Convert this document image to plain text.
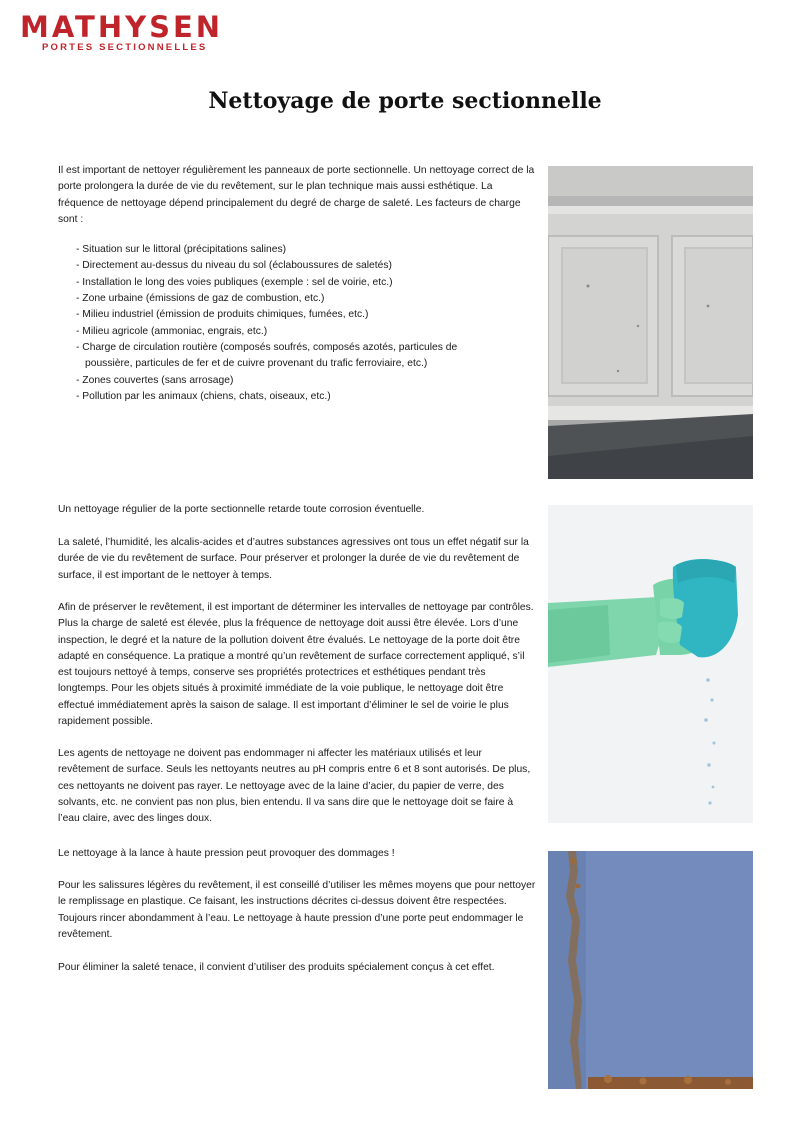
MATHYSEN
PORTES SECTIONNELLES
Nettoyage de porte sectionnelle

Il est important de nettoyer régulièrement les panneaux de porte sectionnelle. Un nettoyage correct de la porte prolongera la durée de vie du revêtement, sur le plan technique mais aussi esthétique. La fréquence de nettoyage dépend principalement du degré de charge de saleté. Les facteurs de charge sont :

- Situation sur le littoral (précipitations salines)
- Directement au-dessus du niveau du sol (éclaboussures de saletés)
- Installation le long des voies publiques (exemple : sel de voirie, etc.)
- Zone urbaine (émissions de gaz de combustion, etc.)
- Milieu industriel (émission de produits chimiques, fumées, etc.)
- Milieu agricole (ammoniac, engrais, etc.)
- Charge de circulation routière (composés soufrés, composés azotés, particules de poussière, particules de fer et de cuivre provenant du trafic ferroviaire, etc.)
- Zones couvertes (sans arrosage)
- Pollution par les animaux (chiens, chats, oiseaux, etc.)
Un nettoyage régulier de la porte sectionnelle retarde toute corrosion éventuelle.
La saleté, l’humidité, les alcalis-acides et d’autres substances agressives ont tous un effet négatif sur la durée de vie du revêtement de surface. Pour préserver et prolonger la durée de vie du revêtement de surface, il est important de le nettoyer à temps.
Afin de préserver le revêtement, il est important de déterminer les intervalles de nettoyage par contrôles. Plus la charge de saleté est élevée, plus la fréquence de nettoyage doit aussi être élevée. Lors d’une inspection, le degré et la nature de la pollution doivent être évalués. Le nettoyage de la porte doit être adapté en conséquence. La pratique a montré qu’un revêtement de surface correctement appliqué, s’il est toujours nettoyé à temps, conserve ses propriétés protectrices et esthétiques pendant très longtemps. Pour les objets situés à proximité immédiate de la voie publique, le nettoyage doit être effectué immédiatement après la saison de salage. Il est important d’éliminer le sel de voirie le plus rapidement possible.
Les agents de nettoyage ne doivent pas endommager ni affecter les matériaux utilisés et leur revêtement de surface. Seuls les nettoyants neutres au pH compris entre 6 et 8 sont autorisés. De plus, ces nettoyants ne doivent pas rayer. Le nettoyage avec de la laine d’acier, du papier de verre, des solvants, etc. ne convient pas non plus, bien entendu. Il va sans dire que le nettoyage doit se faire à l’eau claire, avec des linges doux.
Le nettoyage à la lance à haute pression peut provoquer des dommages !
Pour les salissures légères du revêtement, il est conseillé d’utiliser les mêmes moyens que pour nettoyer le remplissage en plastique. Ce faisant, les instructions décrites ci-dessus doivent être respectées. Toujours rincer abondamment à l’eau. Le nettoyage à haute pression d’une porte peut endommager le revêtement.
Pour éliminer la saleté tenace, il convient d’utiliser des produits spécialement conçus à cet effet.
